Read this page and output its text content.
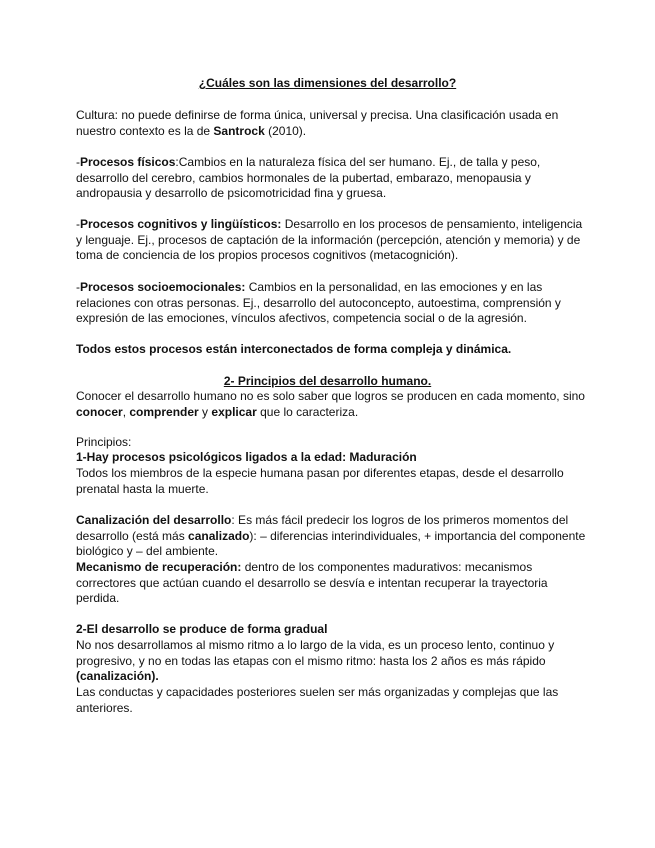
¿Cuáles son las dimensiones del desarrollo?

Cultura: no puede definirse de forma única, universal y precisa. Una clasificación usada en nuestro contexto es la de Santrock (2010).

-Procesos físicos:Cambios en la naturaleza física del ser humano. Ej., de talla y peso, desarrollo del cerebro, cambios hormonales de la pubertad, embarazo, menopausia y andropausia y desarrollo de psicomotricidad fina y gruesa.

-Procesos cognitivos y lingüísticos: Desarrollo en los procesos de pensamiento, inteligencia y lenguaje. Ej., procesos de captación de la información (percepción, atención y memoria) y de toma de conciencia de los propios procesos cognitivos (metacognición).

-Procesos socioemocionales: Cambios en la personalidad, en las emociones y en las relaciones con otras personas. Ej., desarrollo del autoconcepto, autoestima, comprensión y expresión de las emociones, vínculos afectivos, competencia social o de la agresión.

Todos estos procesos están interconectados de forma compleja y dinámica.

2- Principios del desarrollo humano.

Conocer el desarrollo humano no es solo saber que logros se producen en cada momento, sino conocer, comprender y explicar que lo caracteriza.

Principios:

1-Hay procesos psicológicos ligados a la edad: Maduración

Todos los miembros de la especie humana pasan por diferentes etapas, desde el desarrollo prenatal hasta la muerte.

Canalización del desarrollo: Es más fácil predecir los logros de los primeros momentos del desarrollo (está más canalizado): – diferencias interindividuales, + importancia del componente biológico y – del ambiente.

Mecanismo de recuperación: dentro de los componentes madurativos: mecanismos correctores que actúan cuando el desarrollo se desvía e intentan recuperar la trayectoria perdida.

2-El desarrollo se produce de forma gradual

No nos desarrollamos al mismo ritmo a lo largo de la vida, es un proceso lento, continuo y progresivo, y no en todas las etapas con el mismo ritmo: hasta los 2 años es más rápido (canalización).

Las conductas y capacidades posteriores suelen ser más organizadas y complejas que las anteriores.
